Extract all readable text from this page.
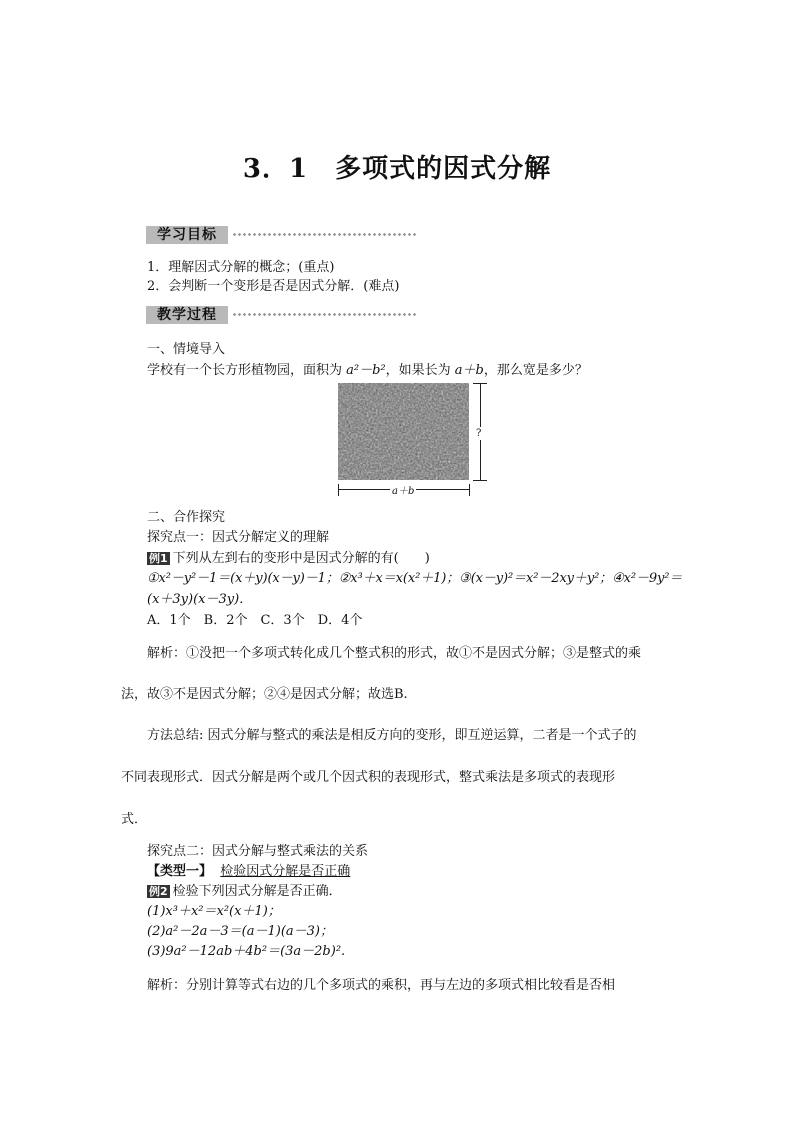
3．1　多项式的因式分解
学习目标
1．理解因式分解的概念；(重点)
2．会判断一个变形是否是因式分解．(难点)
教学过程
一、情境导入
学校有一个长方形植物园，面积为 a²－b²，如果长为 a＋b，那么宽是多少？
?
a＋b
二、合作探究
探究点一：因式分解定义的理解
例1 下列从左到右的变形中是因式分解的有(　　)
①x²－y²－1＝(x＋y)(x－y)－1；②x³＋x＝x(x²＋1)；③(x－y)²＝x²－2xy＋y²；④x²－9y²＝
(x＋3y)(x－3y)．
A．1个　B．2个　C．3个　D．4个
解析：①没把一个多项式转化成几个整式积的形式，故①不是因式分解；③是整式的乘
法，故③不是因式分解；②④是因式分解；故选B.
方法总结: 因式分解与整式的乘法是相反方向的变形，即互逆运算，二者是一个式子的
不同表现形式．因式分解是两个或几个因式积的表现形式，整式乘法是多项式的表现形
式．
探究点二：因式分解与整式乘法的关系
【类型一】 检验因式分解是否正确
例2 检验下列因式分解是否正确．
(1)x³＋x²＝x²(x＋1)；
(2)a²－2a－3＝(a－1)(a－3)；
(3)9a²－12ab＋4b²＝(3a－2b)².
解析：分别计算等式右边的几个多项式的乘积，再与左边的多项式相比较看是否相
